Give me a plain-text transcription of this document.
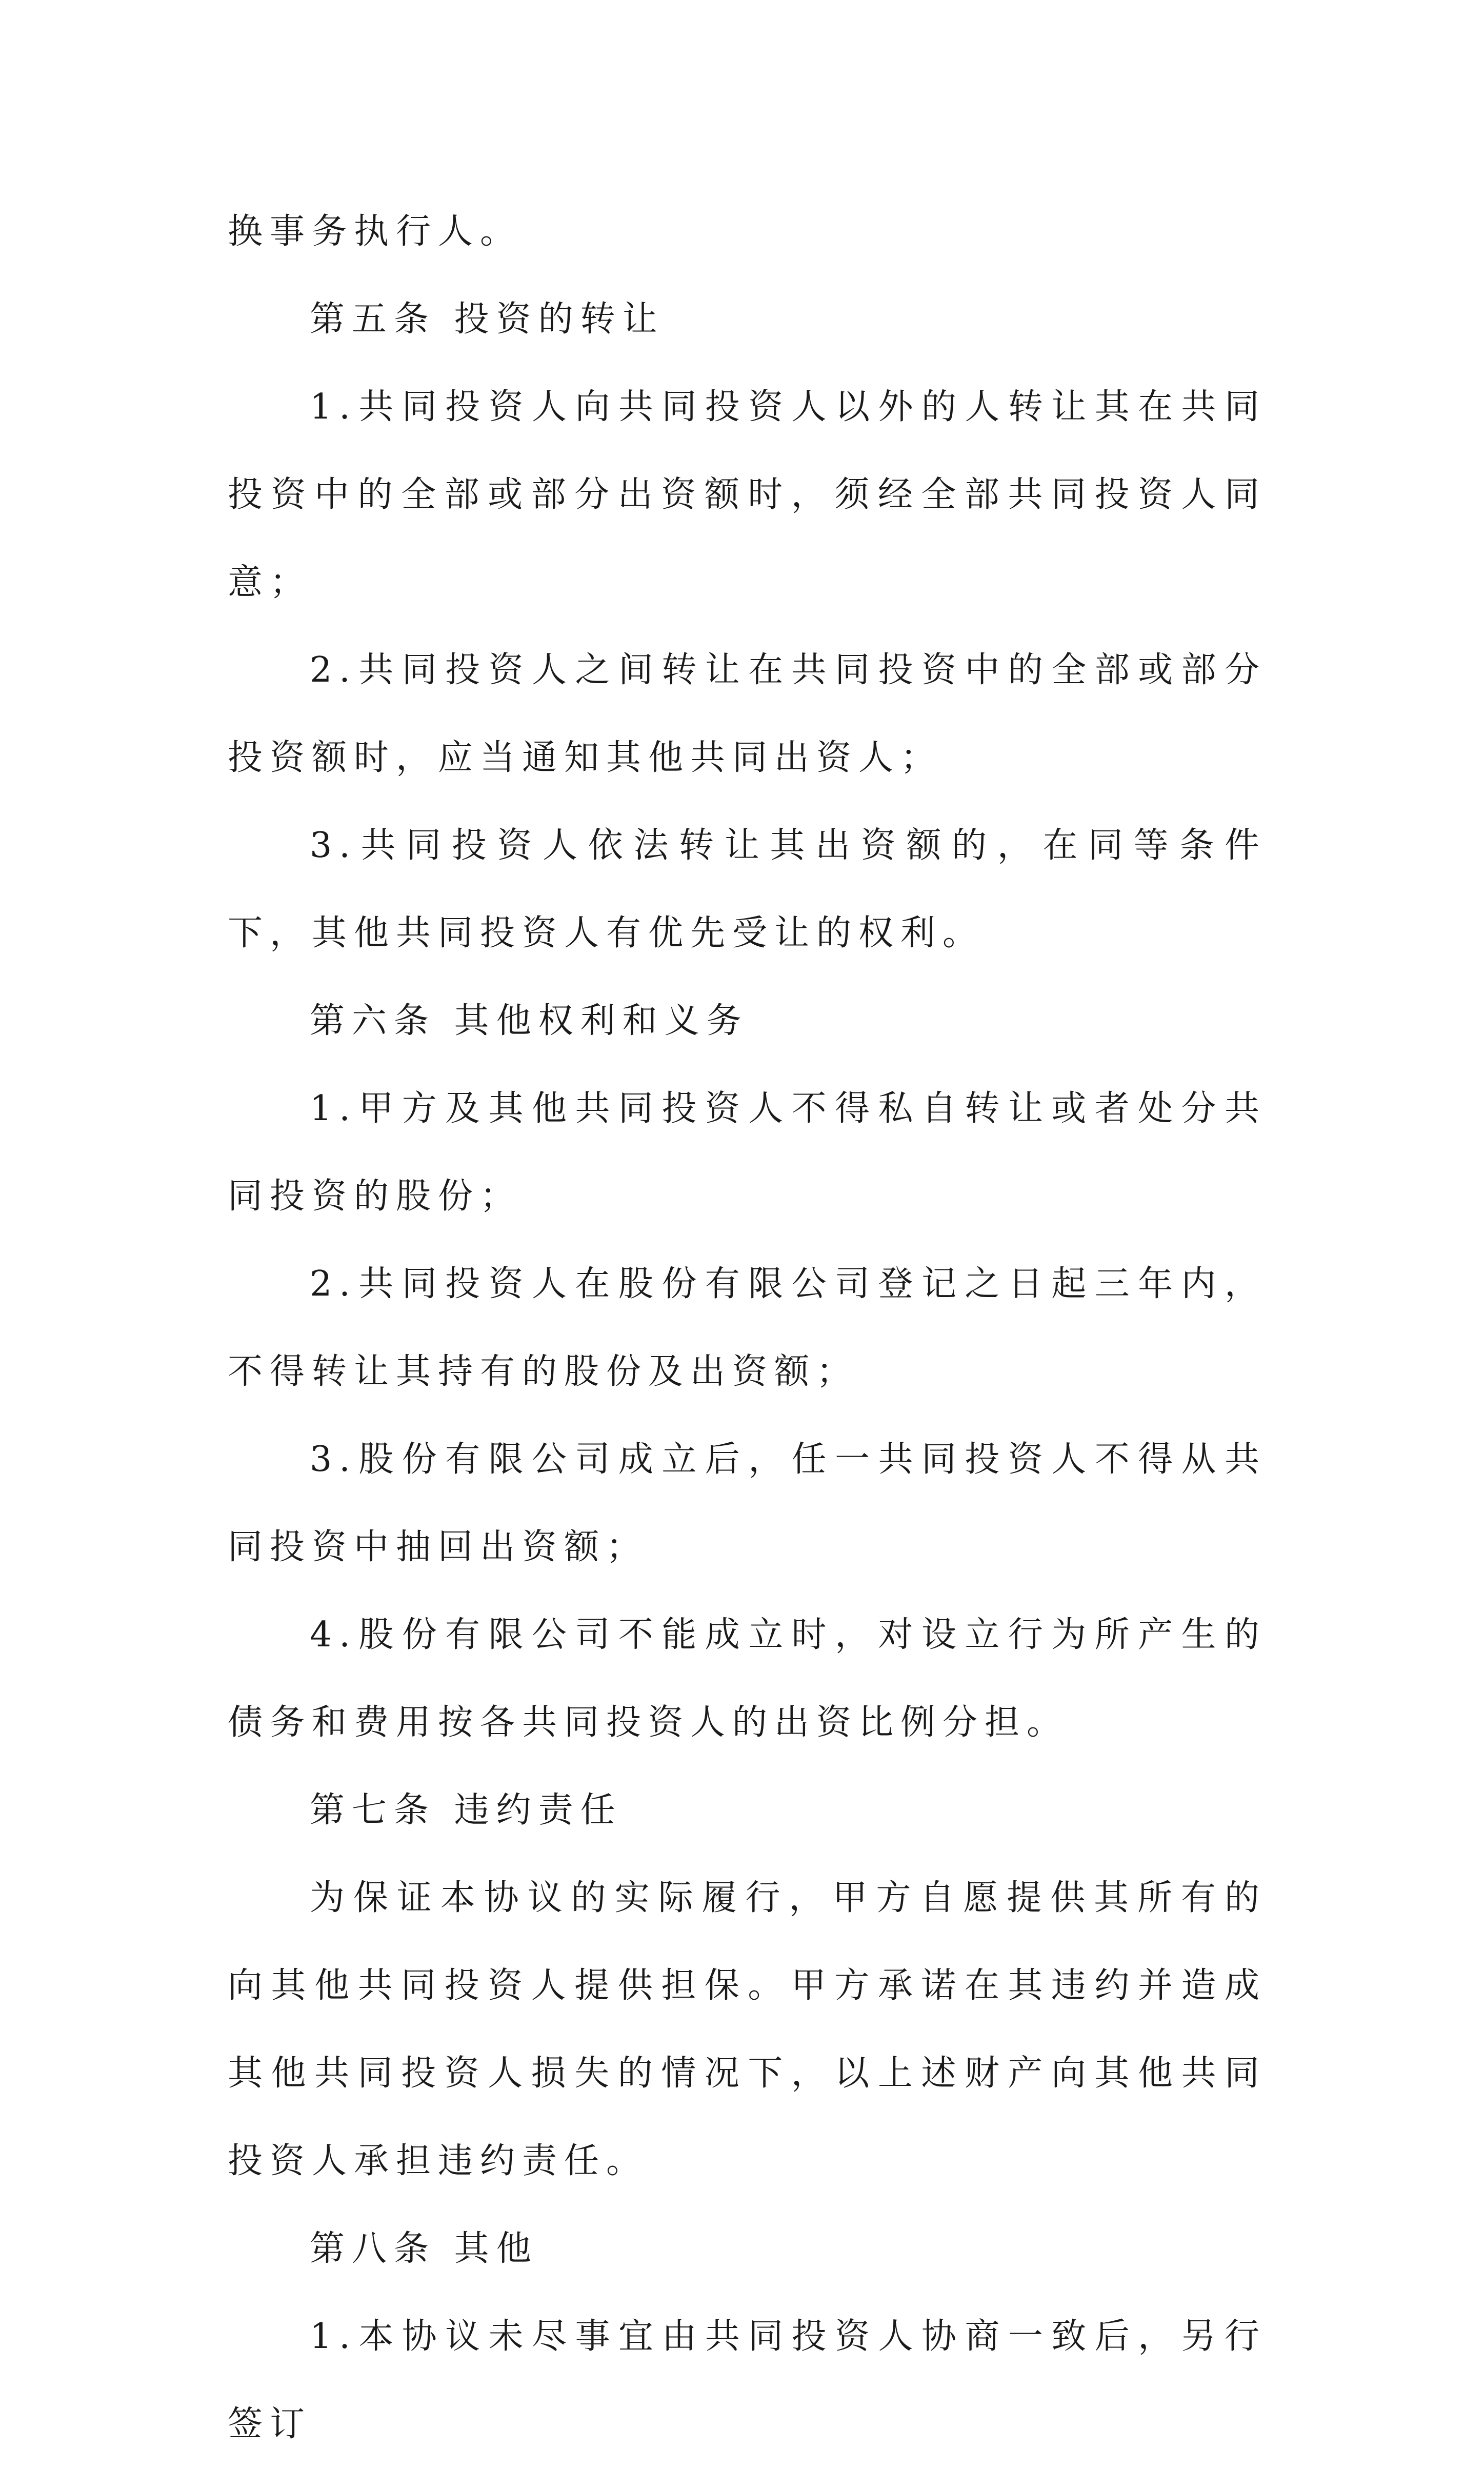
换事务执行人。

第五条 投资的转让

1.共同投资人向共同投资人以外的人转让其在共同投资中的全部或部分出资额时，须经全部共同投资人同意；

2.共同投资人之间转让在共同投资中的全部或部分投资额时，应当通知其他共同出资人；

3.共同投资人依法转让其出资额的，在同等条件下，其他共同投资人有优先受让的权利。

第六条 其他权利和义务

1.甲方及其他共同投资人不得私自转让或者处分共同投资的股份；

2.共同投资人在股份有限公司登记之日起三年内，不得转让其持有的股份及出资额；

3.股份有限公司成立后，任一共同投资人不得从共同投资中抽回出资额；

4.股份有限公司不能成立时，对设立行为所产生的债务和费用按各共同投资人的出资比例分担。

第七条 违约责任

为保证本协议的实际履行，甲方自愿提供其所有的向其他共同投资人提供担保。甲方承诺在其违约并造成其他共同投资人损失的情况下，以上述财产向其他共同投资人承担违约责任。

第八条 其他

1.本协议未尽事宜由共同投资人协商一致后，另行签订
